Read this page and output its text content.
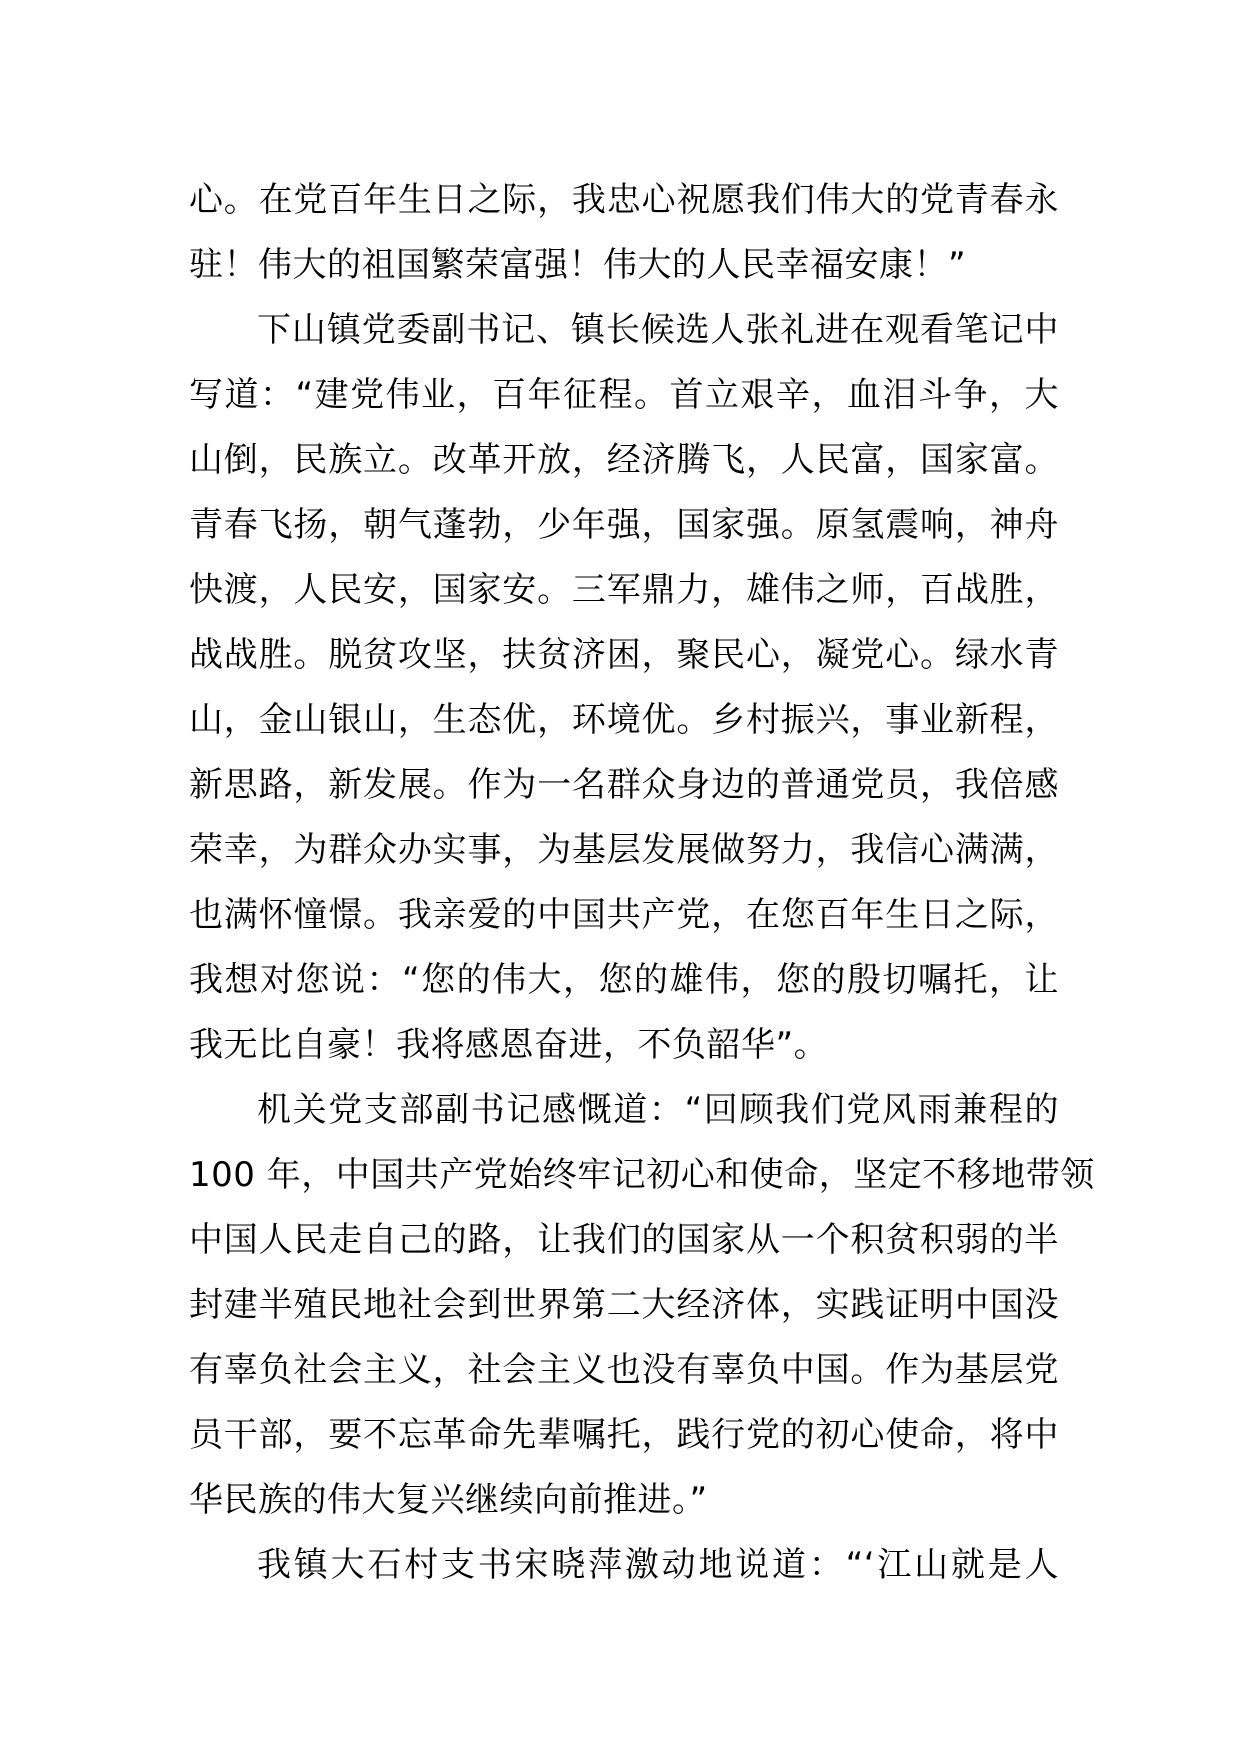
心。在党百年生日之际，我忠心祝愿我们伟大的党青春永
驻！伟大的祖国繁荣富强！伟大的人民幸福安康！”
下山镇党委副书记、镇长候选人张礼进在观看笔记中
写道：“建党伟业，百年征程。首立艰辛，血泪斗争，大
山倒，民族立。改革开放，经济腾飞，人民富，国家富。
青春飞扬，朝气蓬勃，少年强，国家强。原氢震响，神舟
快渡，人民安，国家安。三军鼎力，雄伟之师，百战胜，
战战胜。脱贫攻坚，扶贫济困，聚民心，凝党心。绿水青
山，金山银山，生态优，环境优。乡村振兴，事业新程，
新思路，新发展。作为一名群众身边的普通党员，我倍感
荣幸，为群众办实事，为基层发展做努力，我信心满满，
也满怀憧憬。我亲爱的中国共产党，在您百年生日之际，
我想对您说：“您的伟大，您的雄伟，您的殷切嘱托，让
我无比自豪！我将感恩奋进，不负韶华”。
机关党支部副书记感慨道：“回顾我们党风雨兼程的
100 年，中国共产党始终牢记初心和使命，坚定不移地带领
中国人民走自己的路，让我们的国家从一个积贫积弱的半
封建半殖民地社会到世界第二大经济体，实践证明中国没
有辜负社会主义，社会主义也没有辜负中国。作为基层党
员干部，要不忘革命先辈嘱托，践行党的初心使命，将中
华民族的伟大复兴继续向前推进。”
我镇大石村支书宋晓萍激动地说道：“‘江山就是人
